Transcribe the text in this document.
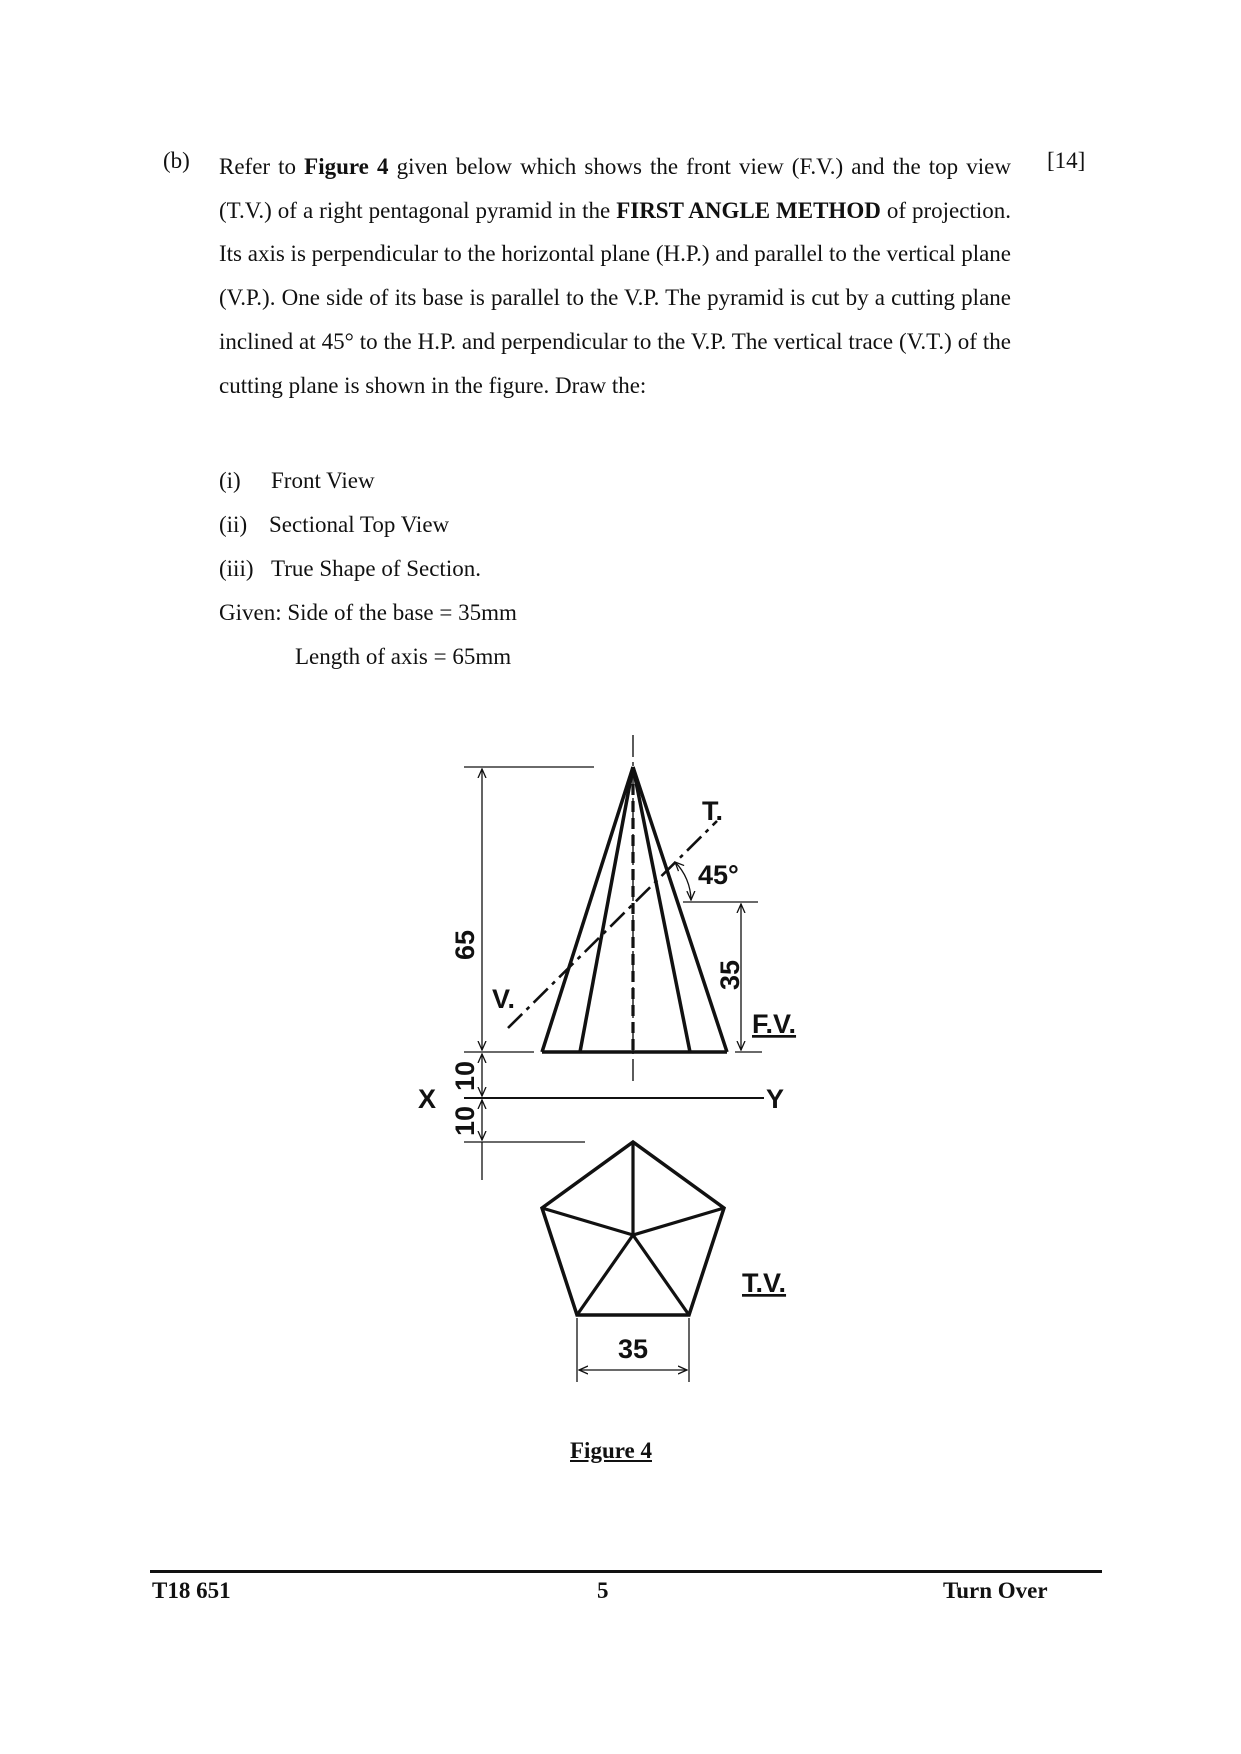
(b)	[14]
Refer to Figure 4 given below which shows the front view (F.V.) and the top view (T.V.) of a right pentagonal pyramid in the FIRST ANGLE METHOD of projection. Its axis is perpendicular to the horizontal plane (H.P.) and parallel to the vertical plane (V.P.). One side of its base is parallel to the V.P. The pyramid is cut by a cutting plane inclined at 45° to the H.P. and perpendicular to the V.P. The vertical trace (V.T.) of the cutting plane is shown in the figure. Draw the:
(i) Front View
(ii) Sectional Top View
(iii) True Shape of Section.
Given: Side of the base = 35mm
Length of axis = 65mm
T.
45°
V.
65
35
F.V.
X	Y
10
10
T.V.
35
Figure 4
T18 651	5	Turn Over
